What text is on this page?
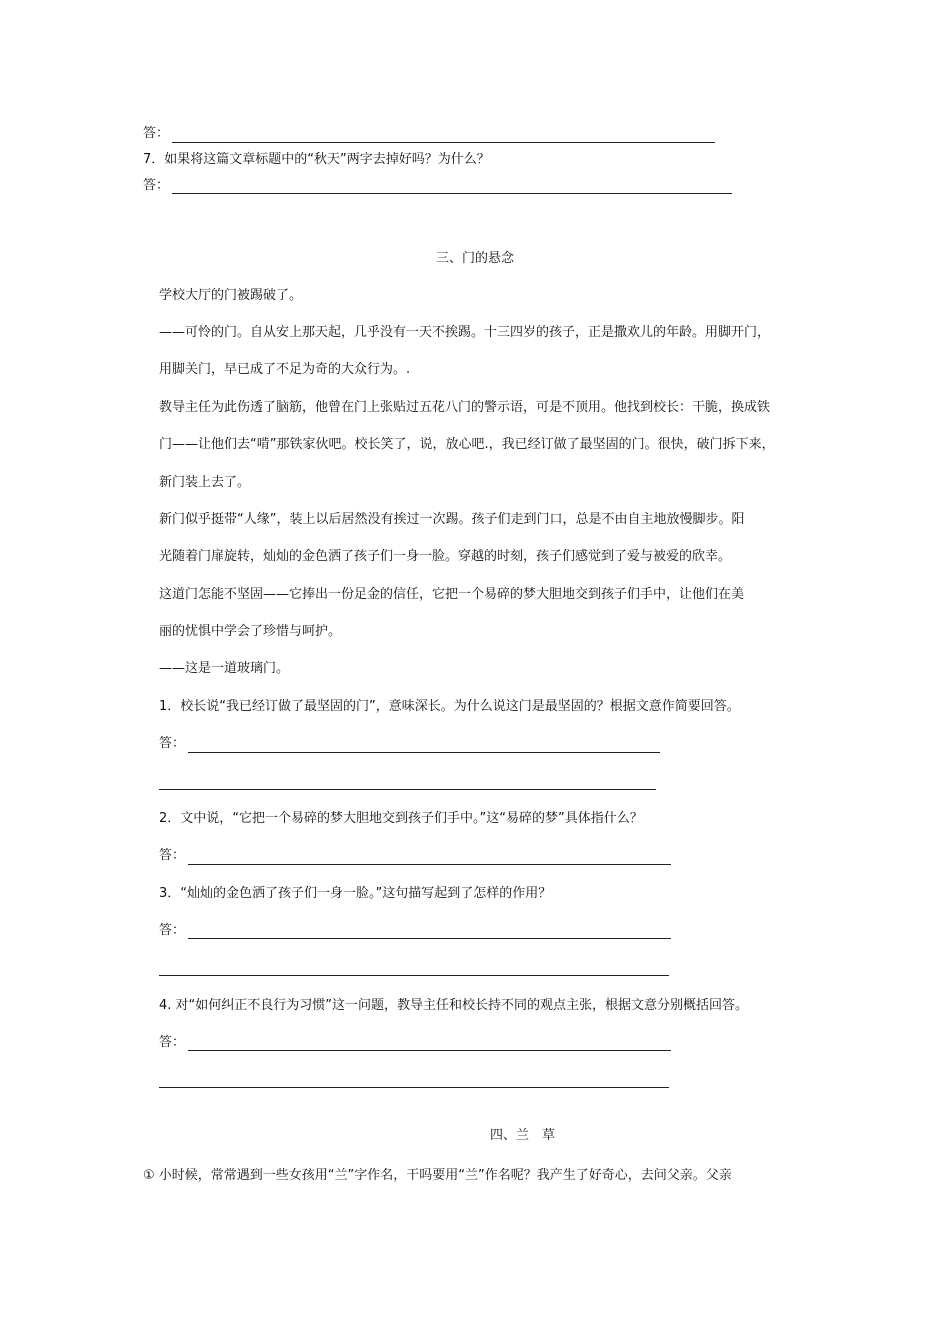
答：
7．如果将这篇文章标题中的“秋天”两字去掉好吗？为什么？
答：
三、门的悬念
学校大厅的门被踢破了。
——可怜的门。自从安上那天起，几乎没有一天不挨踢。十三四岁的孩子，正是撒欢儿的年龄。用脚开门，
用脚关门，早已成了不足为奇的大众行为。.
教导主任为此伤透了脑筋，他曾在门上张贴过五花八门的警示语，可是不顶用。他找到校长：干脆，换成铁
门——让他们去“啃”那铁家伙吧。校长笑了，说，放心吧.，我已经订做了最坚固的门。很快，破门拆下来，
新门装上去了。
新门似乎挺带“人缘”，装上以后居然没有挨过一次踢。孩子们走到门口，总是不由自主地放慢脚步。阳
光随着门扉旋转，灿灿的金色洒了孩子们一身一脸。穿越的时刻，孩子们感觉到了爱与被爱的欣幸。
这道门怎能不坚固——它捧出一份足金的信任，它把一个易碎的梦大胆地交到孩子们手中，让他们在美
丽的忧惧中学会了珍惜与呵护。
——这是一道玻璃门。
1．校长说“我已经订做了最坚固的门”，意味深长。为什么说这门是最坚固的？根据文意作简要回答。
答：
2．文中说，“它把一个易碎的梦大胆地交到孩子们手中。”这“易碎的梦”具体指什么？
答：
3．“灿灿的金色洒了孩子们一身一脸。”这句描写起到了怎样的作用？
答：
4. 对“如何纠正不良行为习惯”这一问题，教导主任和校长持不同的观点主张，根据文意分别概括回答。
答：
四、兰　草
① 小时候，常常遇到一些女孩用“兰”字作名，干吗要用“兰”作名呢？我产生了好奇心，去问父亲。父亲
